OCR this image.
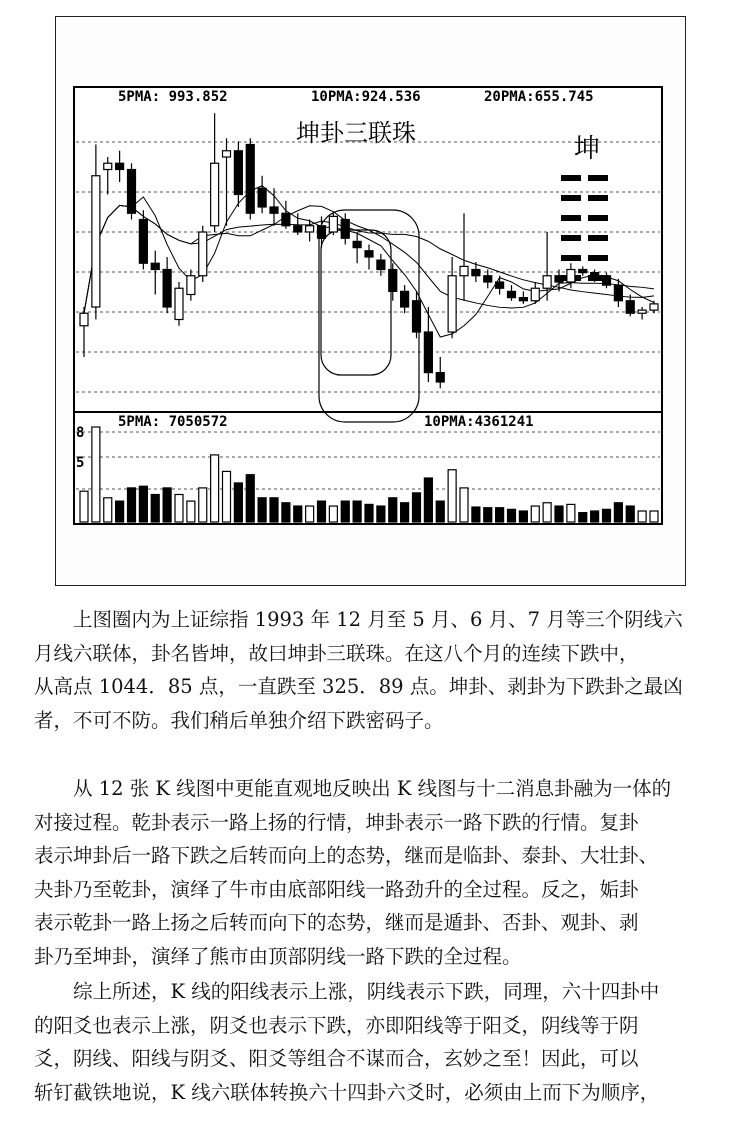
5PMA: 993.852	10PMA:924.536	20PMA:655.745
5PMA: 7050572	10PMA:4361241
8
5
坤卦三联珠
坤
上图圈内为上证综指 1993 年 12 月至 5 月、6 月、7 月等三个阴线六
月线六联体，卦名皆坤，故曰坤卦三联珠。在这八个月的连续下跌中，
从高点 1044．85 点，一直跌至 325．89 点。坤卦、剥卦为下跌卦之最凶
者，不可不防。我们稍后单独介绍下跌密码子。
从 12 张 K 线图中更能直观地反映出 K 线图与十二消息卦融为一体的
对接过程。乾卦表示一路上扬的行情，坤卦表示一路下跌的行情。复卦
表示坤卦后一路下跌之后转而向上的态势，继而是临卦、泰卦、大壮卦、
夬卦乃至乾卦，演绎了牛市由底部阳线一路劲升的全过程。反之，姤卦
表示乾卦一路上扬之后转而向下的态势，继而是遁卦、否卦、观卦、剥
卦乃至坤卦，演绎了熊市由顶部阴线一路下跌的全过程。
综上所述，K 线的阳线表示上涨，阴线表示下跌，同理，六十四卦中
的阳爻也表示上涨，阴爻也表示下跌，亦即阳线等于阳爻，阴线等于阴
爻，阴线、阳线与阴爻、阳爻等组合不谋而合，玄妙之至！因此，可以
斩钉截铁地说，K 线六联体转换六十四卦六爻时，必须由上而下为顺序，
